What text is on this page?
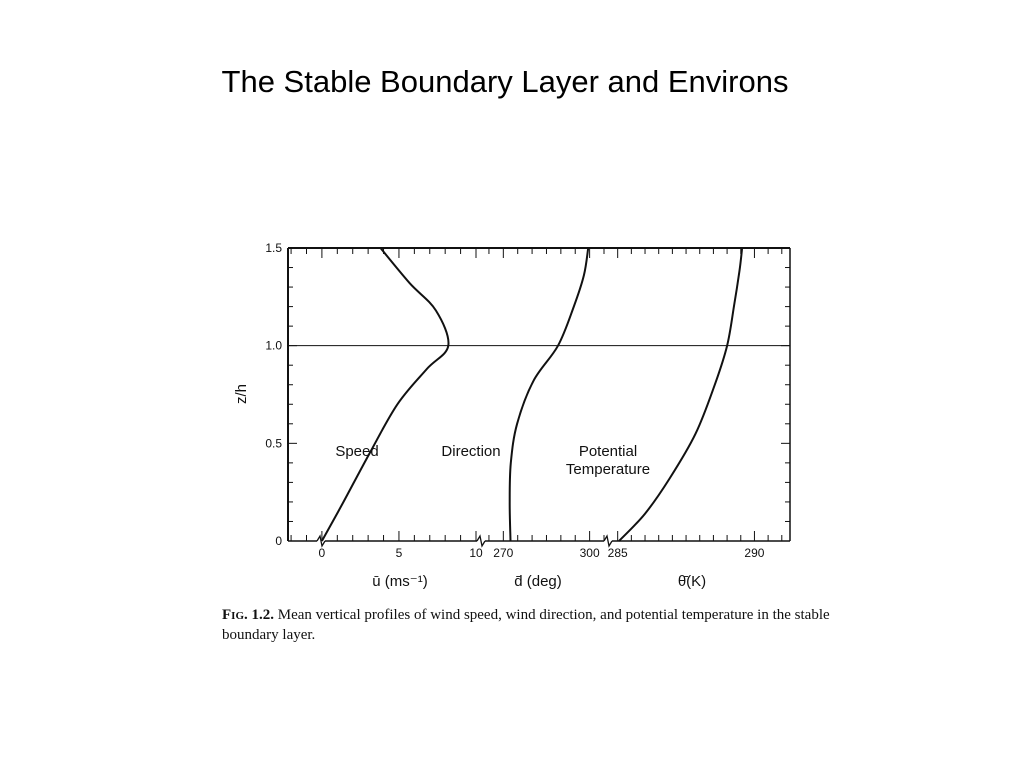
The Stable Boundary Layer and Environs
0
0.5
1.0
1.5
0	5	10
ū (ms⁻¹)
270	300
d̄ (deg)
285	290
θ̄(K)
z/h
Speed	Direction	Potential
Temperature
Fig. 1.2. Mean vertical profiles of wind speed, wind direction, and potential temperature in the stable boundary layer.
